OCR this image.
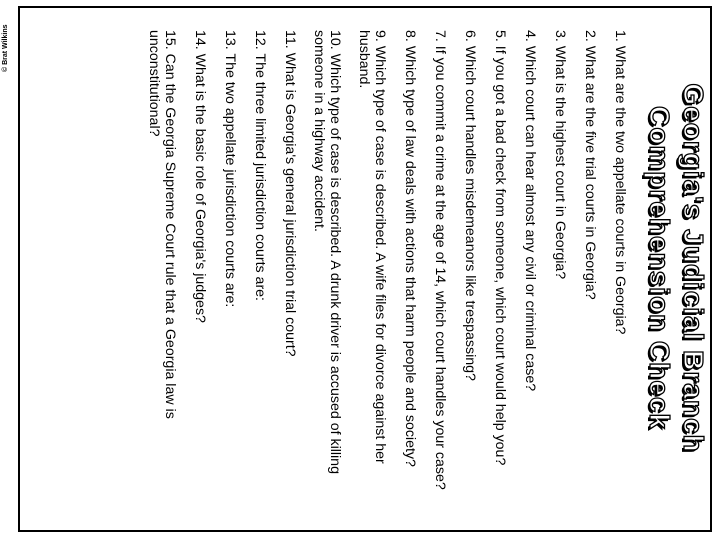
© Brat Wilkins
Georgia's Judicial Branch
Comprehension Check

1. What are the two appellate courts in Georgia?

2. What are the five trial courts in Georgia?

3. What is the highest court in Georgia?

4. Which court can hear almost any civil or criminal case?

5. If you got a bad check from someone, which court would help you?

6. Which court handles misdemeanors like trespassing?

7. If you commit a crime at the age of 14, which court handles your case?

8. Which type of law deals with actions that harm people and society?

9. Which type of case is described. A wife files for divorce against her husband.

10. Which type of case is described. A drunk driver is accused of killing someone in a highway accident.

11. What is Georgia's general jurisdiction trial court?

12. The three limited jurisdiction courts are:

13. The two appellate jurisdiction courts are:

14. What is the basic role of Georgia's judges?

15. Can the Georgia Supreme Court rule that a Georgia law is unconstitutional?
